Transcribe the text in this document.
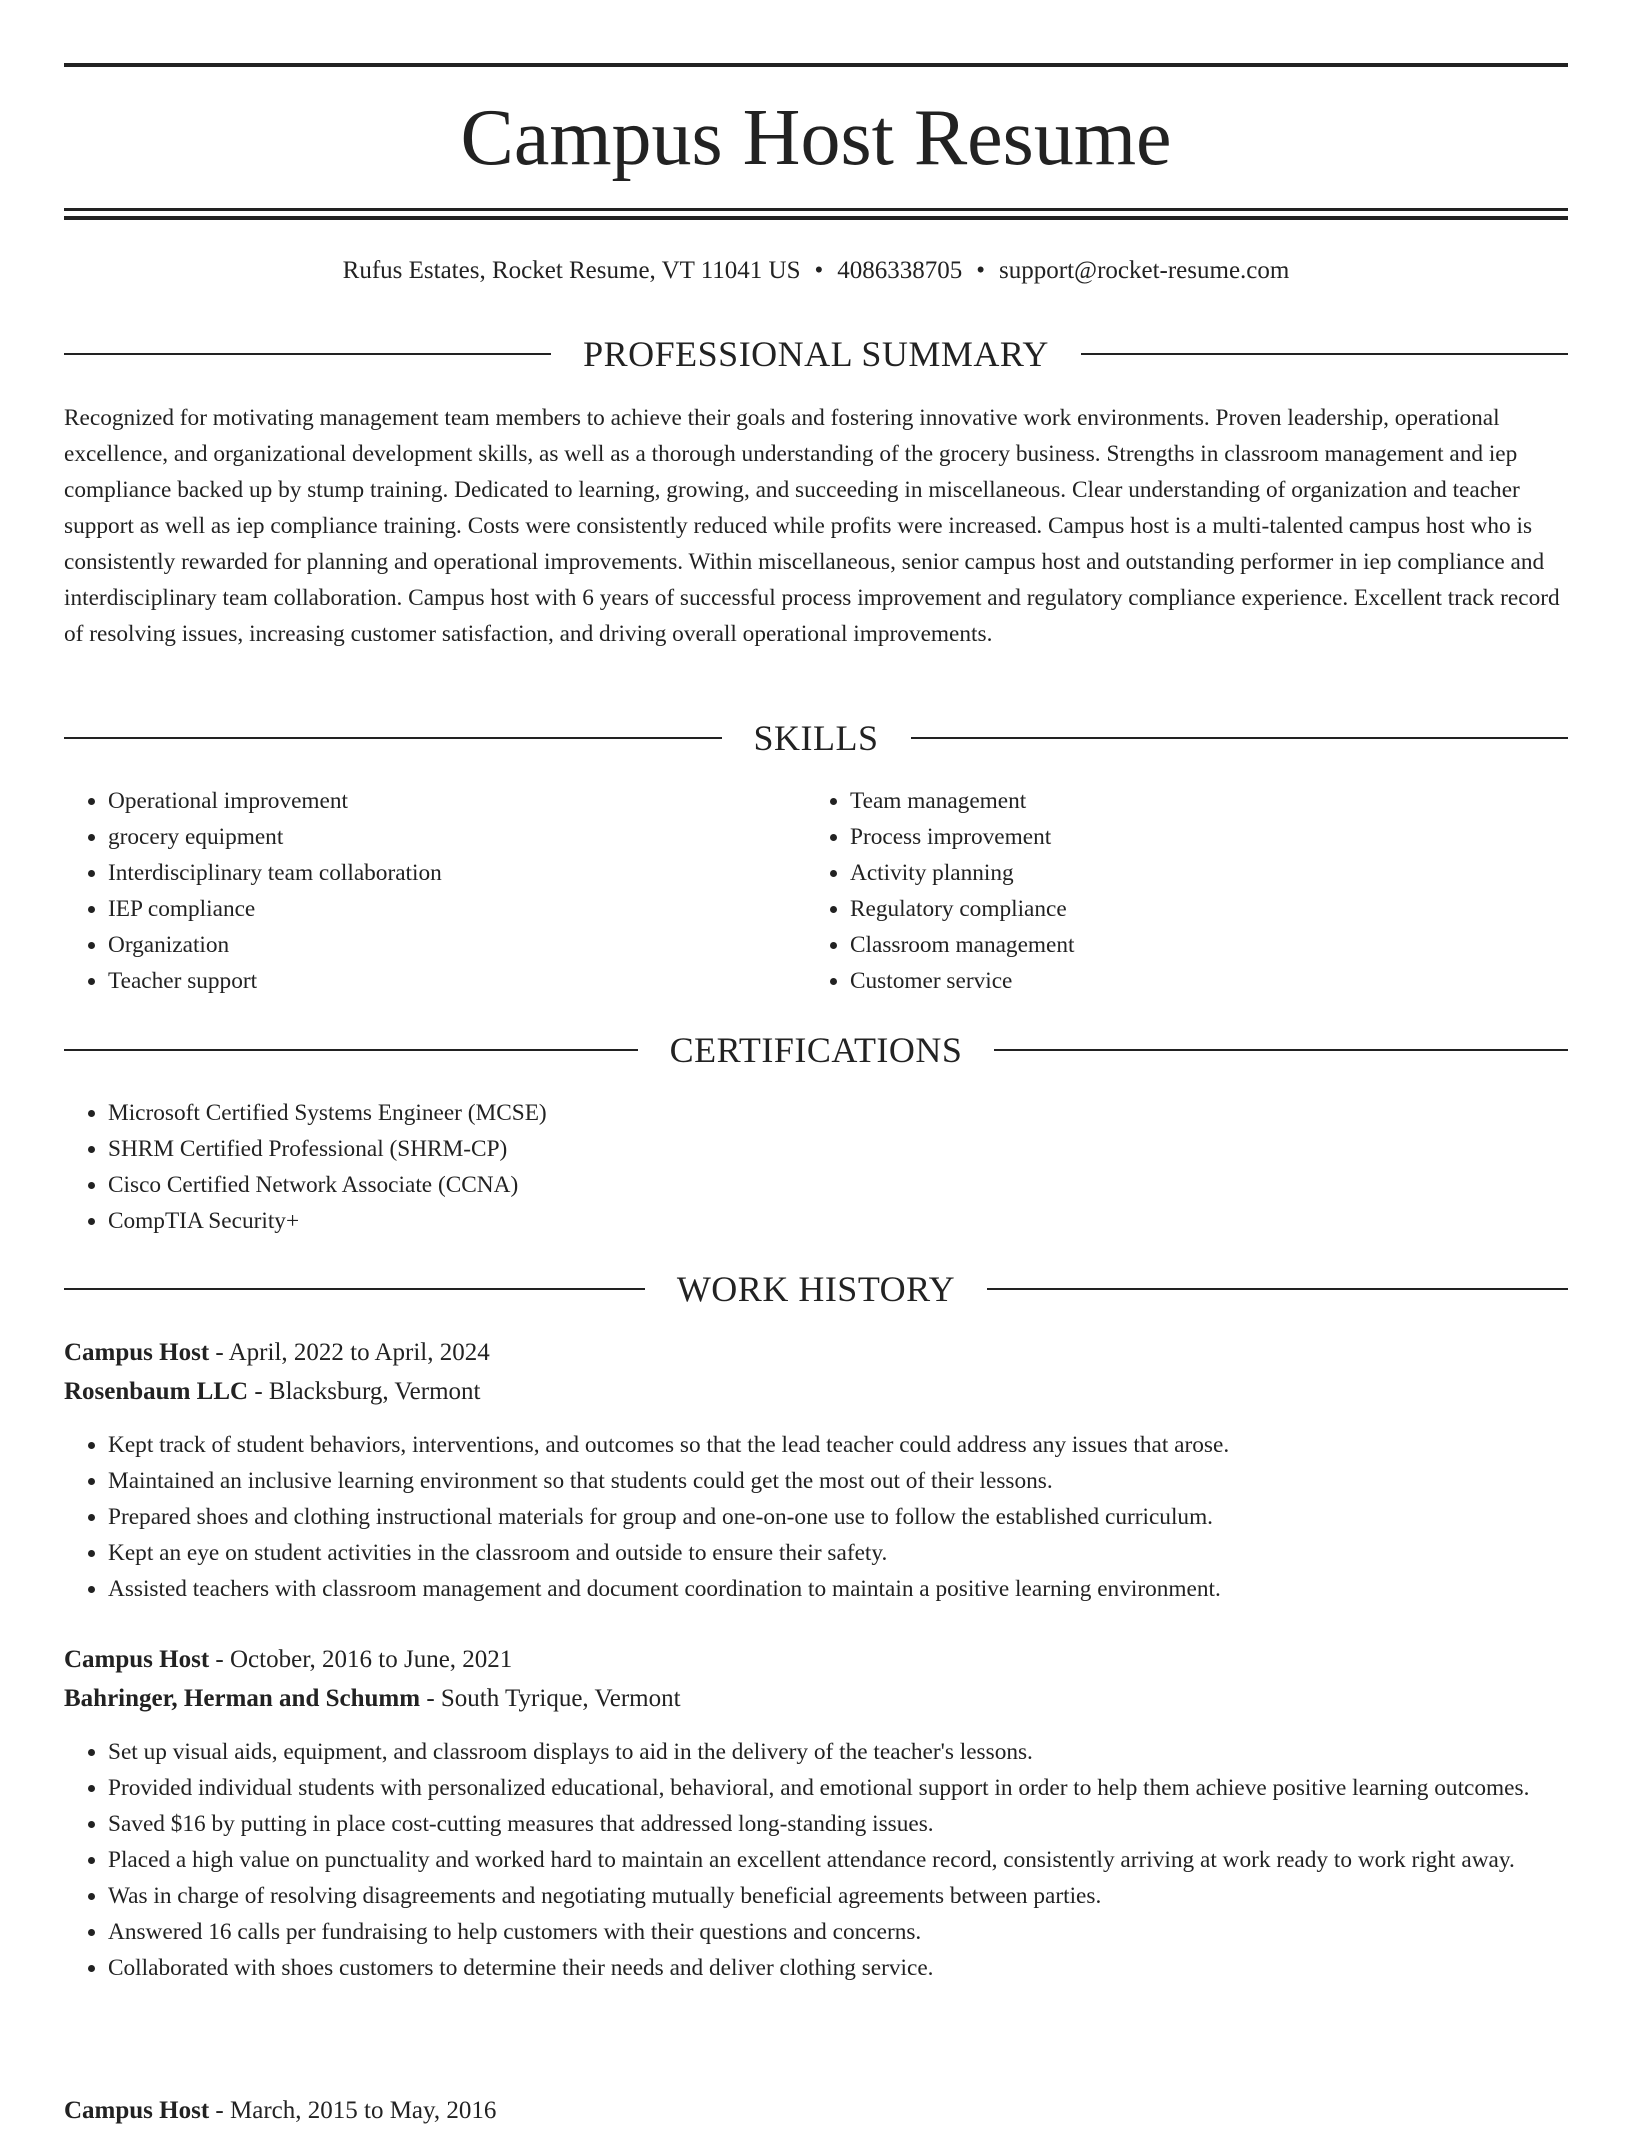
Campus Host Resume
Rufus Estates, Rocket Resume, VT 11041 US • 4086338705 • support@rocket-resume.com
PROFESSIONAL SUMMARY

Recognized for motivating management team members to achieve their goals and fostering innovative work environments. Proven leadership, operational excellence, and organizational development skills, as well as a thorough understanding of the grocery business. Strengths in classroom management and iep compliance backed up by stump training. Dedicated to learning, growing, and succeeding in miscellaneous. Clear understanding of organization and teacher support as well as iep compliance training. Costs were consistently reduced while profits were increased. Campus host is a multi-talented campus host who is consistently rewarded for planning and operational improvements. Within miscellaneous, senior campus host and outstanding performer in iep compliance and interdisciplinary team collaboration. Campus host with 6 years of successful process improvement and regulatory compliance experience. Excellent track record of resolving issues, increasing customer satisfaction, and driving overall operational improvements.

SKILLS
• Operational improvement
• grocery equipment
• Interdisciplinary team collaboration
• IEP compliance
• Organization
• Teacher support
• Team management
• Process improvement
• Activity planning
• Regulatory compliance
• Classroom management
• Customer service
CERTIFICATIONS
• Microsoft Certified Systems Engineer (MCSE)
• SHRM Certified Professional (SHRM-CP)
• Cisco Certified Network Associate (CCNA)
• CompTIA Security+
WORK HISTORY
Campus Host - April, 2022 to April, 2024
Rosenbaum LLC - Blacksburg, Vermont
• Kept track of student behaviors, interventions, and outcomes so that the lead teacher could address any issues that arose.
• Maintained an inclusive learning environment so that students could get the most out of their lessons.
• Prepared shoes and clothing instructional materials for group and one-on-one use to follow the established curriculum.
• Kept an eye on student activities in the classroom and outside to ensure their safety.
• Assisted teachers with classroom management and document coordination to maintain a positive learning environment.
Campus Host - October, 2016 to June, 2021
Bahringer, Herman and Schumm - South Tyrique, Vermont
• Set up visual aids, equipment, and classroom displays to aid in the delivery of the teacher's lessons.
• Provided individual students with personalized educational, behavioral, and emotional support in order to help them achieve positive learning outcomes.
• Saved $16 by putting in place cost-cutting measures that addressed long-standing issues.
• Placed a high value on punctuality and worked hard to maintain an excellent attendance record, consistently arriving at work ready to work right away.
• Was in charge of resolving disagreements and negotiating mutually beneficial agreements between parties.
• Answered 16 calls per fundraising to help customers with their questions and concerns.
• Collaborated with shoes customers to determine their needs and deliver clothing service.
Campus Host - March, 2015 to May, 2016
